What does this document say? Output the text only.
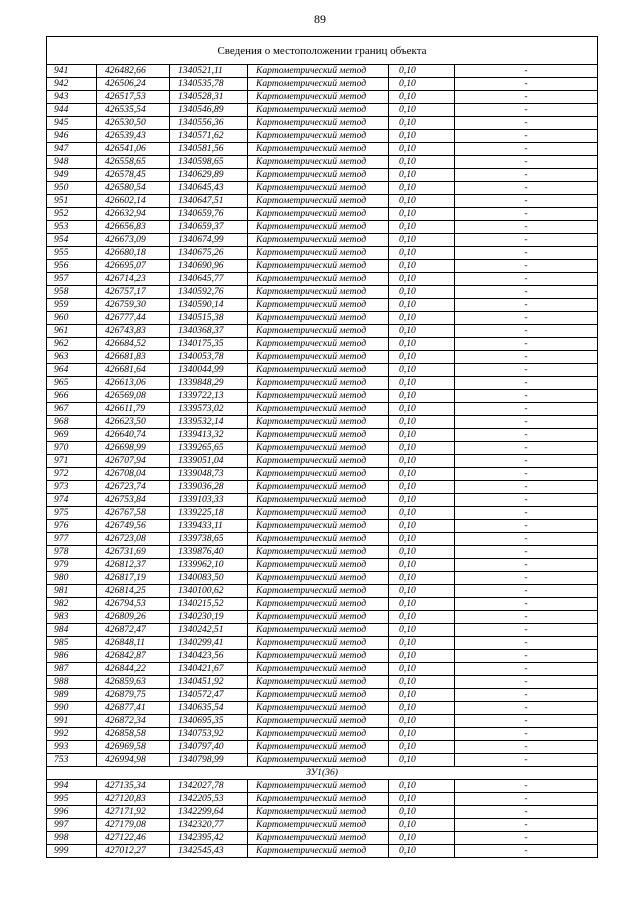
89
Сведения о местоположении границ объекта					
941	426482,66	1340521,11	Картометрический метод	0,10	-
942	426506,24	1340535,78	Картометрический метод	0,10	-
943	426517,53	1340528,31	Картометрический метод	0,10	-
944	426535,54	1340546,89	Картометрический метод	0,10	-
945	426530,50	1340556,36	Картометрический метод	0,10	-
946	426539,43	1340571,62	Картометрический метод	0,10	-
947	426541,06	1340581,56	Картометрический метод	0,10	-
948	426558,65	1340598,65	Картометрический метод	0,10	-
949	426578,45	1340629,89	Картометрический метод	0,10	-
950	426580,54	1340645,43	Картометрический метод	0,10	-
951	426602,14	1340647,51	Картометрический метод	0,10	-
952	426632,94	1340659,76	Картометрический метод	0,10	-
953	426656,83	1340659,37	Картометрический метод	0,10	-
954	426673,09	1340674,99	Картометрический метод	0,10	-
955	426680,18	1340675,26	Картометрический метод	0,10	-
956	426695,07	1340690,96	Картометрический метод	0,10	-
957	426714,23	1340645,77	Картометрический метод	0,10	-
958	426757,17	1340592,76	Картометрический метод	0,10	-
959	426759,30	1340590,14	Картометрический метод	0,10	-
960	426777,44	1340515,38	Картометрический метод	0,10	-
961	426743,83	1340368,37	Картометрический метод	0,10	-
962	426684,52	1340175,35	Картометрический метод	0,10	-
963	426681,83	1340053,78	Картометрический метод	0,10	-
964	426681,64	1340044,99	Картометрический метод	0,10	-
965	426613,06	1339848,29	Картометрический метод	0,10	-
966	426569,08	1339722,13	Картометрический метод	0,10	-
967	426611,79	1339573,02	Картометрический метод	0,10	-
968	426623,50	1339532,14	Картометрический метод	0,10	-
969	426640,74	1339413,32	Картометрический метод	0,10	-
970	426698,99	1339265,65	Картометрический метод	0,10	-
971	426707,94	1339051,04	Картометрический метод	0,10	-
972	426708,04	1339048,73	Картометрический метод	0,10	-
973	426723,74	1339036,28	Картометрический метод	0,10	-
974	426753,84	1339103,33	Картометрический метод	0,10	-
975	426767,58	1339225,18	Картометрический метод	0,10	-
976	426749,56	1339433,11	Картометрический метод	0,10	-
977	426723,08	1339738,65	Картометрический метод	0,10	-
978	426731,69	1339876,40	Картометрический метод	0,10	-
979	426812,37	1339962,10	Картометрический метод	0,10	-
980	426817,19	1340083,50	Картометрический метод	0,10	-
981	426814,25	1340100,62	Картометрический метод	0,10	-
982	426794,53	1340215,52	Картометрический метод	0,10	-
983	426809,26	1340230,19	Картометрический метод	0,10	-
984	426872,47	1340242,51	Картометрический метод	0,10	-
985	426848,11	1340299,41	Картометрический метод	0,10	-
986	426842,87	1340423,56	Картометрический метод	0,10	-
987	426844,22	1340421,67	Картометрический метод	0,10	-
988	426859,63	1340451,92	Картометрический метод	0,10	-
989	426879,75	1340572,47	Картометрический метод	0,10	-
990	426877,41	1340635,54	Картометрический метод	0,10	-
991	426872,34	1340695,35	Картометрический метод	0,10	-
992	426858,58	1340753,92	Картометрический метод	0,10	-
993	426969,58	1340797,40	Картометрический метод	0,10	-
753	426994,98	1340798,99	Картометрический метод	0,10	-
ЗУ1(36)					
994	427135,34	1342027,78	Картометрический метод	0,10	-
995	427120,83	1342205,53	Картометрический метод	0,10	-
996	427171,92	1342299,64	Картометрический метод	0,10	-
997	427179,08	1342320,77	Картометрический метод	0,10	-
998	427122,46	1342395,42	Картометрический метод	0,10	-
999	427012,27	1342545,43	Картометрический метод	0,10	-
